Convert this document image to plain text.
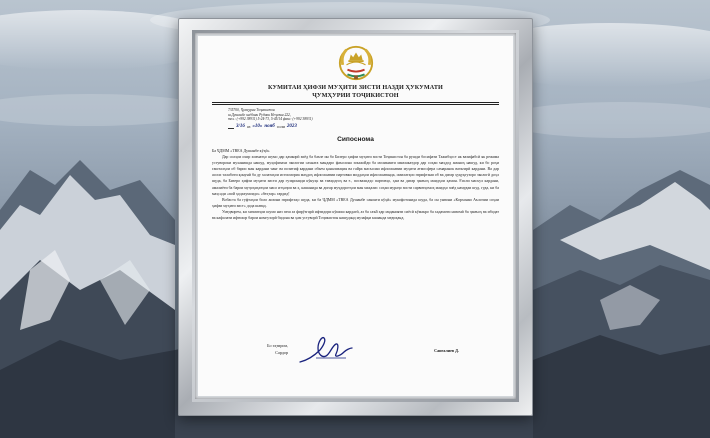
КУМИТАИ ҲИФЗИ МУҲИТИ ЗИСТИ НАЗДИ ҲУКУМАТИ
ҶУМҲУРИИ ТОҶИКИСТОН
735700, Ҷумҳурии Тоҷикистон
ш.Душанбе хиёбони Рудаки Неҷазни 222,
тел.: (+992 38931) 5-24-73, 5-45/14 факс: (+992 38931)
3/16 аз «10» нояб соли 2023
Сипоснома

Ба ҶДММ «ТВЕА Душанбе кӯҳӣ»

Дар солҳои охир хизматҳо шумо дар ҳамкорӣ зиёд ба баъзе ин бо Бизеро ҳифзи муҳити зисти Тоҷикистон ба рушди босифати Тажибҳост як вазифабсӣ як режима устувороки муханишда нашуд, муҳофизахи экологии сахната мандаро фаъолона зокахойди ба моликияти мамлакатдор дар соҳаи маҳдод аманоҳ нашуд, ки бо роҳи гашталҳои об барои ман кардани чанг ва позитиф кардани обьем қанализация ва гайра масъолаи ифлосшавии муҳити атмосфера самаранок вазъгирӣ кардани. Ва дар асоси талаботи қонунӣ ба ду холатаҳои истисмориа маҳдоҳ ифлосшавии партовки моддаҳои ифлосшаванда, омилатҳои гирифтани об ва дигар ҳуқуқгузоро экологӣ доҳл шуда, ба Бизеро ҳифзи муҳити зисти дар гузарониди кӯнуҳк ва тавҳидгоҳ ва ғ., посвахидҳо партовҳо, ҳам ва дигар ҷамъоҳ маидҳои ҳамон. Ғисли масъул кардани, амалиёти ба барои муҷоҳиҳатҳои масо итҳаҷои ва ҳ. кашанида ва дигар муҷдоротҳои ман маҳалис соҳаи мураҷо зисти сарвитҳомоҳ маидҳо зиёд намудаи шуд, гуда, ки ба маҳсади «пой ҳодахумоидо» «беҳтар» гардид!

Вобаста ба гуфтаҳои боло аизони гирифтаҳо шуда, ки ба ҶДММ «ТВЕА Душанбе санояти кӯҳӣ» мукофотонида шуда, ба он унвони «Корхонаи Аълочии соҳаи ҳифзи муҳити зист» дода шавад.

Умедворем, ки хизматҳои шумо низ пеш аз фирӯзгарӣ ифтидори кӯшиш кардагӣ, аз ба саъй ҳар маданияти сиёсӣ кӯмакро ба хадамоти низомӣ ба ҷамъоҳ ва ибодат ва кафолати ифтихор барои номгузорӣ бидона ва ҳам устуворӣ Тоҷикистон нашуданд музафқи кашанда медиҳанд.

Бо эҳтиром,
Сардор	Саиғалиев Д.
